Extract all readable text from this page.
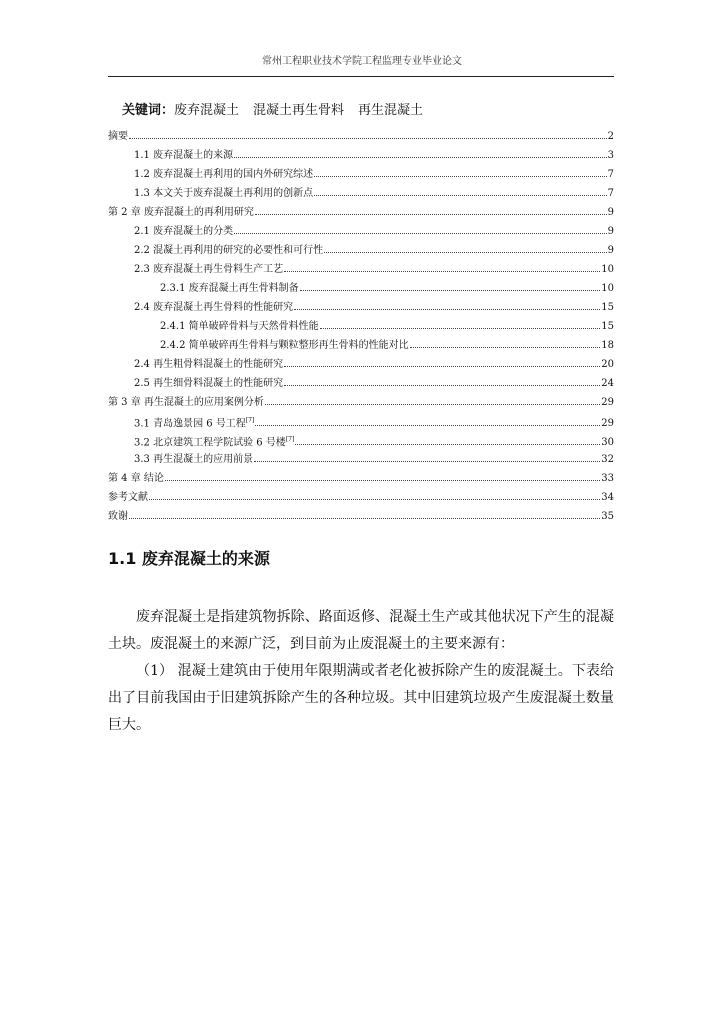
常州工程职业技术学院工程监理专业毕业论文
关键词：废弃混凝土 混凝土再生骨料 再生混凝土
摘要	2
1.1 废弃混凝土的来源	3
1.2 废弃混凝土再利用的国内外研究综述	7
1.3 本文关于废弃混凝土再利用的创新点	7
第 2 章 废弃混凝土的再利用研究	9
2.1 废弃混凝土的分类	9
2.2 混凝土再利用的研究的必要性和可行性	9
2.3 废弃混凝土再生骨料生产工艺	10
2.3.1 废弃混凝土再生骨料制备	10
2.4 废弃混凝土再生骨料的性能研究	15
2.4.1 简单破碎骨料与天然骨料性能	15
2.4.2 简单破碎再生骨料与颗粒整形再生骨料的性能对比	18
2.4 再生粗骨料混凝土的性能研究	20
2.5 再生细骨料混凝土的性能研究	24
第 3 章 再生混凝土的应用案例分析	29
3.1 青岛逸景园 6 号工程[7]	29
3.2 北京建筑工程学院试验 6 号楼[7]	30
3.3 再生混凝土的应用前景	32
第 4 章 结论	33
参考文献	34
致谢	35
1.1 废弃混凝土的来源

废弃混凝土是指建筑物拆除、路面返修、混凝土生产或其他状况下产生的混凝土块。废混凝土的来源广泛，到目前为止废混凝土的主要来源有：

（1） 混凝土建筑由于使用年限期满或者老化被拆除产生的废混凝土。下表给出了目前我国由于旧建筑拆除产生的各种垃圾。其中旧建筑垃圾产生废混凝土数量巨大。
